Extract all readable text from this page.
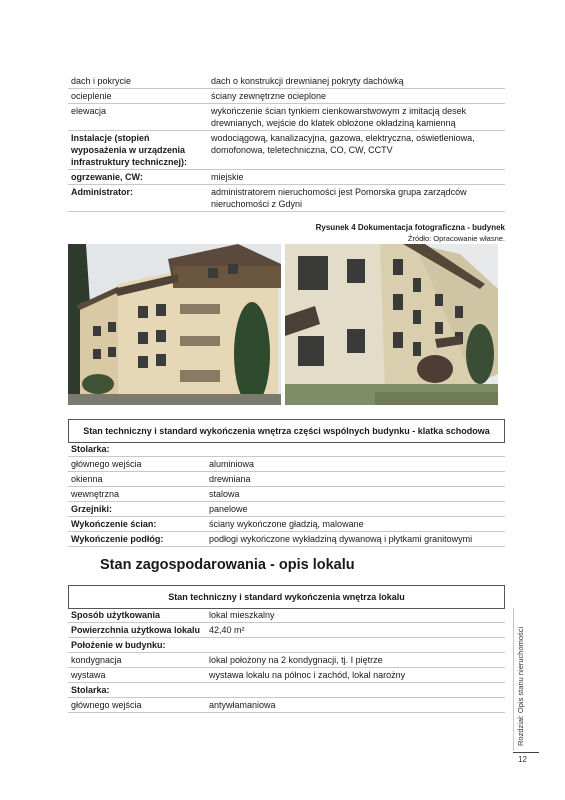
dach i pokrycie	dach o konstrukcji drewnianej pokryty dachówką
ocieplenie	ściany zewnętrzne ocieplone
elewacja	wykończenie ścian tynkiem cienkowarstwowym z imitacją desek drewnianych, wejście do klatek obłożone okładziną kamienną
Instalacje (stopień wyposażenia w urządzenia infrastruktury technicznej):	wodociągową, kanalizacyjna, gazowa, elektryczna, oświetleniowa, domofonowa, teletechniczna, CO, CW, CCTV
ogrzewanie, CW:	miejskie
Administrator:	administratorem nieruchomości jest Pomorska grupa zarządców nieruchomości z Gdyni
Rysunek 4 Dokumentacja fotograficzna - budynek
Źródło: Opracowanie własne.
Stan techniczny i standard wykończenia wnętrza części wspólnych budynku - klatka schodowa
Stolarka:	
głównego wejścia	aluminiowa
okienna	drewniana
wewnętrzna	stalowa
Grzejniki:	panelowe
Wykończenie ścian:	ściany wykończone gładzią, malowane
Wykończenie podłóg:	podłogi wykończone wykładziną dywanową i płytkami granitowymi
Stan zagospodarowania - opis lokalu
Stan techniczny i standard wykończenia wnętrza lokalu
Sposób użytkowania	lokal mieszkalny
Powierzchnia użytkowa lokalu	42,40 m²
Położenie w budynku:	
kondygnacja	lokal położony na 2 kondygnacji, tj. I piętrze
wystawa	wystawa lokalu na północ i zachód, lokal narożny
Stolarka:	
głównego wejścia	antywłamaniowa	Rozdział: Opis stanu nieruchomości
12
